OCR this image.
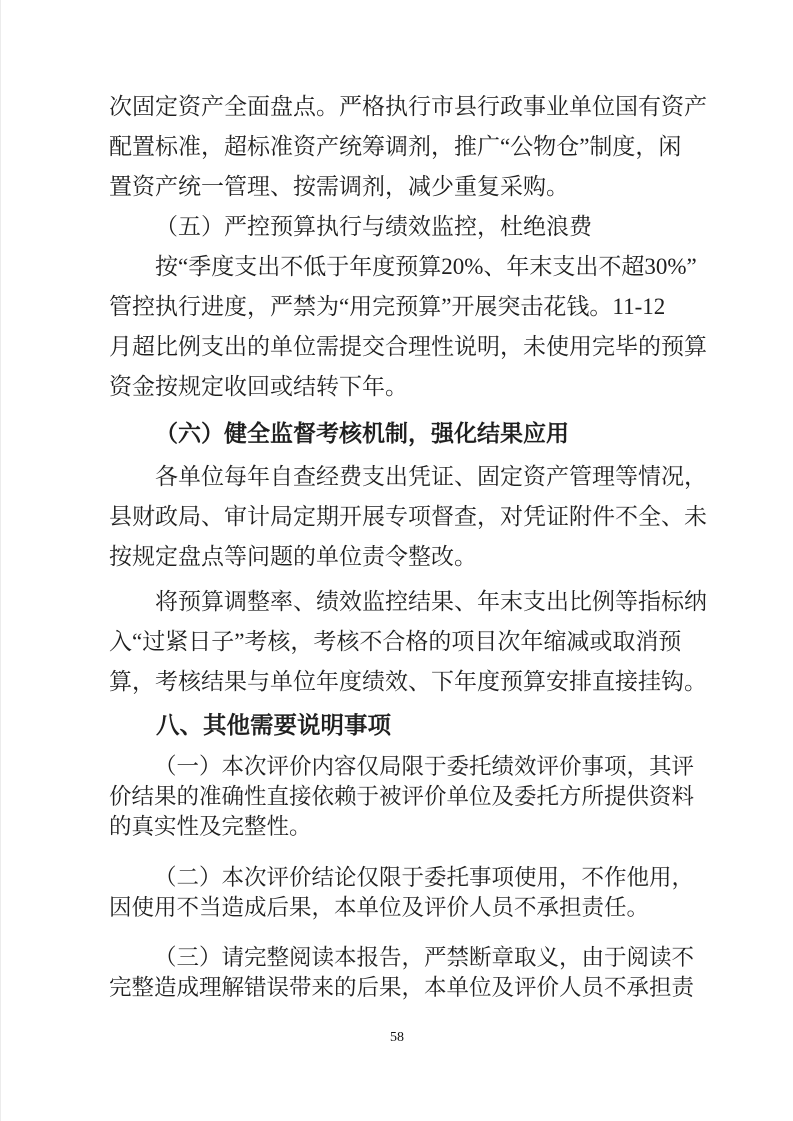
次固定资产全面盘点。严格执行市县行政事业单位国有资产
配置标准，超标准资产统筹调剂，推广“公物仓”制度，闲
置资产统一管理、按需调剂，减少重复采购。
（五）严控预算执行与绩效监控，杜绝浪费
按“季度支出不低于年度预算20%、年末支出不超30%”
管控执行进度，严禁为“用完预算”开展突击花钱。11-12
月超比例支出的单位需提交合理性说明，未使用完毕的预算
资金按规定收回或结转下年。
（六）健全监督考核机制，强化结果应用
各单位每年自查经费支出凭证、固定资产管理等情况，
县财政局、审计局定期开展专项督查，对凭证附件不全、未
按规定盘点等问题的单位责令整改。
将预算调整率、绩效监控结果、年末支出比例等指标纳
入“过紧日子”考核，考核不合格的项目次年缩减或取消预
算，考核结果与单位年度绩效、下年度预算安排直接挂钩。
八、其他需要说明事项
（一）本次评价内容仅局限于委托绩效评价事项，其评
价结果的准确性直接依赖于被评价单位及委托方所提供资料
的真实性及完整性。
（二）本次评价结论仅限于委托事项使用，不作他用，
因使用不当造成后果，本单位及评价人员不承担责任。
（三）请完整阅读本报告，严禁断章取义，由于阅读不
完整造成理解错误带来的后果，本单位及评价人员不承担责
58
